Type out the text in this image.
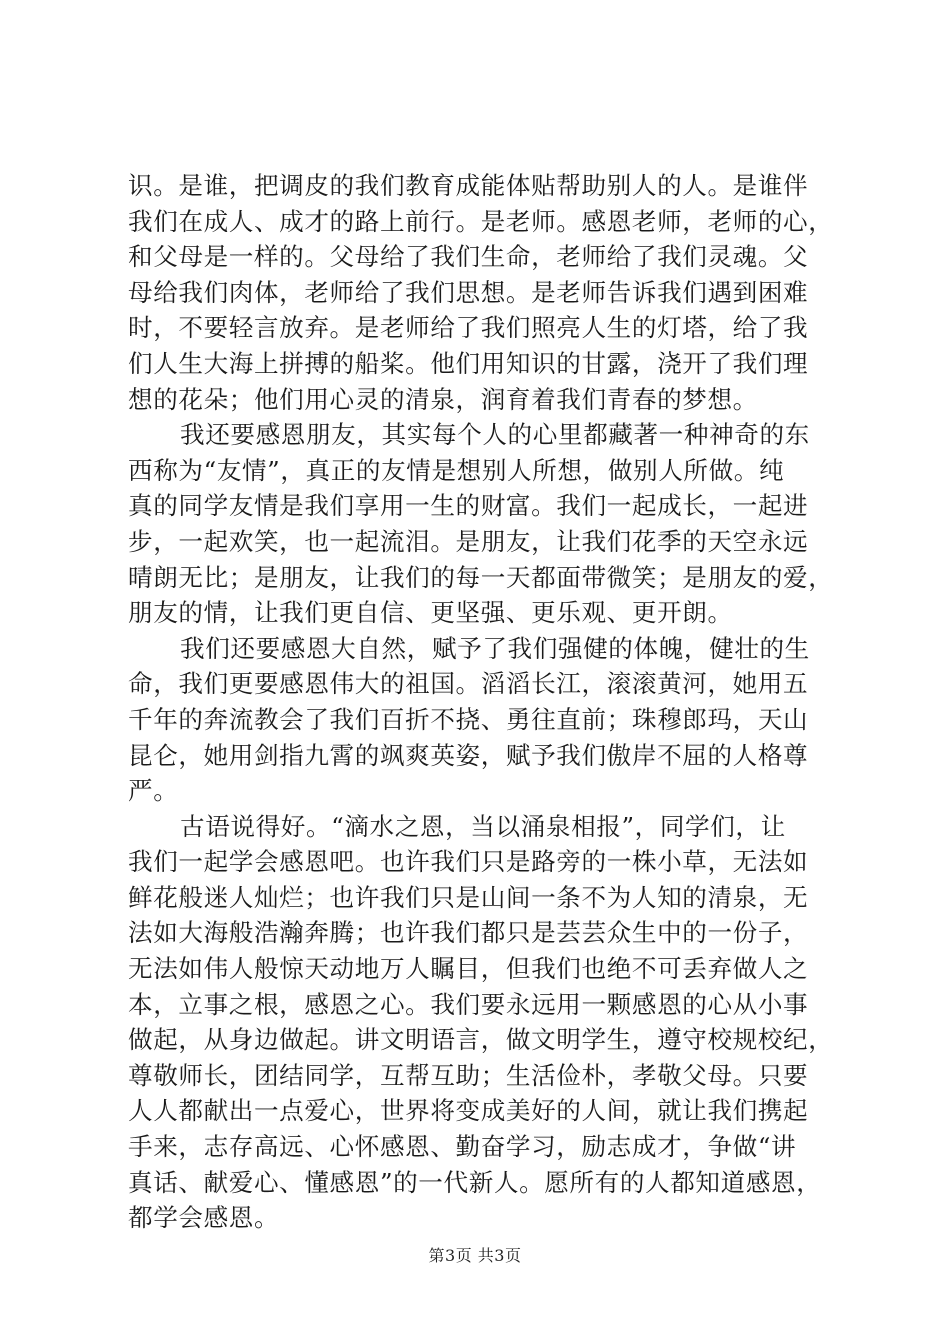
识。是谁，把调皮的我们教育成能体贴帮助别人的人。是谁伴
我们在成人、成才的路上前行。是老师。感恩老师，老师的心，
和父母是一样的。父母给了我们生命，老师给了我们灵魂。父
母给我们肉体，老师给了我们思想。是老师告诉我们遇到困难
时，不要轻言放弃。是老师给了我们照亮人生的灯塔，给了我
们人生大海上拼搏的船桨。他们用知识的甘露，浇开了我们理
想的花朵；他们用心灵的清泉，润育着我们青春的梦想。
我还要感恩朋友，其实每个人的心里都藏著一种神奇的东
西称为“友情”，真正的友情是想别人所想，做别人所做。纯
真的同学友情是我们享用一生的财富。我们一起成长，一起进
步，一起欢笑，也一起流泪。是朋友，让我们花季的天空永远
晴朗无比；是朋友，让我们的每一天都面带微笑；是朋友的爱，
朋友的情，让我们更自信、更坚强、更乐观、更开朗。
我们还要感恩大自然，赋予了我们强健的体魄，健壮的生
命，我们更要感恩伟大的祖国。滔滔长江，滚滚黄河，她用五
千年的奔流教会了我们百折不挠、勇往直前；珠穆郎玛，天山
昆仑，她用剑指九霄的飒爽英姿，赋予我们傲岸不屈的人格尊
严。
古语说得好。“滴水之恩，当以涌泉相报”，同学们，让
我们一起学会感恩吧。也许我们只是路旁的一株小草，无法如
鲜花般迷人灿烂；也许我们只是山间一条不为人知的清泉，无
法如大海般浩瀚奔腾；也许我们都只是芸芸众生中的一份子，
无法如伟人般惊天动地万人瞩目，但我们也绝不可丢弃做人之
本，立事之根，感恩之心。我们要永远用一颗感恩的心从小事
做起，从身边做起。讲文明语言，做文明学生，遵守校规校纪，
尊敬师长，团结同学，互帮互助；生活俭朴，孝敬父母。只要
人人都献出一点爱心，世界将变成美好的人间，就让我们携起
手来，志存高远、心怀感恩、勤奋学习，励志成才，争做“讲
真话、献爱心、懂感恩”的一代新人。愿所有的人都知道感恩，
都学会感恩。
第3页 共3页
